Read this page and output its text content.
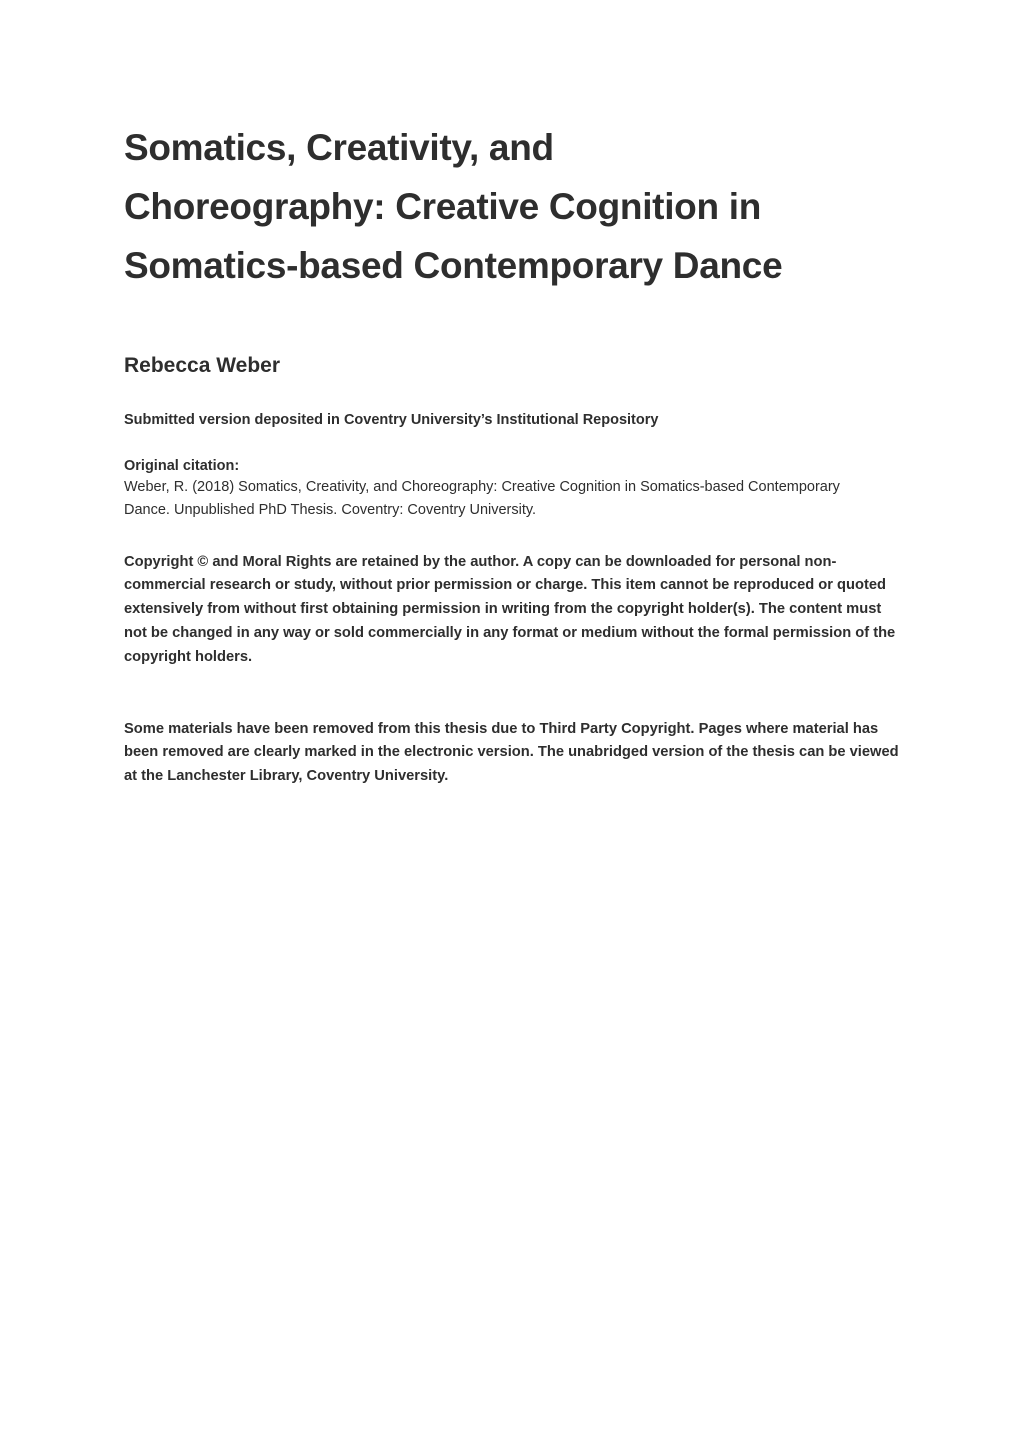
Somatics, Creativity, and Choreography: Creative Cognition in Somatics-based Contemporary Dance
Rebecca Weber
Submitted version deposited in Coventry University’s Institutional Repository
Original citation:
Weber, R. (2018) Somatics, Creativity, and Choreography: Creative Cognition in Somatics-based Contemporary Dance. Unpublished PhD Thesis. Coventry: Coventry University.
Copyright © and Moral Rights are retained by the author. A copy can be downloaded for personal non-commercial research or study, without prior permission or charge. This item cannot be reproduced or quoted extensively from without first obtaining permission in writing from the copyright holder(s). The content must not be changed in any way or sold commercially in any format or medium without the formal permission of the copyright holders.
Some materials have been removed from this thesis due to Third Party Copyright. Pages where material has been removed are clearly marked in the electronic version. The unabridged version of the thesis can be viewed at the Lanchester Library, Coventry University.
